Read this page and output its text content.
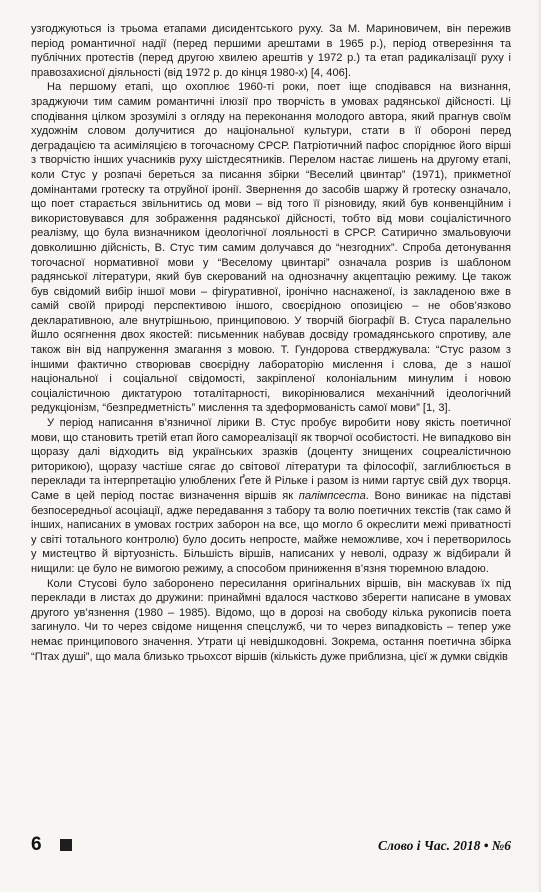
узгоджуються із трьома етапами дисидентського руху. За М. Мариновичем, він пережив період романтичної надії (перед першими арештами в 1965 р.), період отверезіння та публічних протестів (перед другою хвилею арештів у 1972 р.) та етап радикалізації руху і правозахисної діяльності (від 1972 р. до кінця 1980-х) [4, 406].

На першому етапі, що охоплює 1960-ті роки, поет іще сподівався на визнання, зраджуючи тим самим романтичні ілюзії про творчість в умовах радянської дійсності. Ці сподівання цілком зрозумілі з огляду на переконання молодого автора, який прагнув своїм художнім словом долучитися до національної культури, стати в її обороні перед деградацією та асиміляцією в тогочасному СРСР. Патріотичний пафос споріднює його вірші з творчістю інших учасників руху шістдесятників. Перелом настає лишень на другому етапі, коли Стус у розпачі береться за писання збірки “Веселий цвинтар” (1971), прикметної домінантами гротеску та отруйної іронії. Звернення до засобів шаржу й гротеску означало, що поет старається звільнитись од мови – від того її різновиду, який був конвенційним і використовувався для зображення радянської дійсності, тобто від мови соціалістичного реалізму, що була визначником ідеологічної лояльності в СРСР. Сатирично змальовуючи довколишню дійсність, В. Стус тим самим долучався до “незгодних”. Спроба детонування тогочасної нормативної мови у “Веселому цвинтарі” означала розрив із шаблоном радянської літератури, який був скерований на однозначну акцептацію режиму. Це також був свідомий вибір іншої мови – фігуративної, іронічно наснаженої, із закладеною вже в самій своїй природі перспективою іншого, своєрідною опозицією – не обов’язково декларативною, але внутрішньою, принциповою. У творчій біографії В. Стуса паралельно йшло осягнення двох якостей: письменник набував досвіду громадянського спротиву, але також він від напруження змагання з мовою. Т. Гундорова стверджувала: “Стус разом з іншими фактично створював своєрідну лабораторію мислення і слова, де з нашої національної і соціальної свідомості, закріпленої колоніальним минулим і новою соціалістичною диктатурою тоталітарності, викорінювалися механічний ідеологічний редукціонізм, “безпредметність” мислення та здеформованість самої мови” [1, 3].

У період написання в’язничної лірики В. Стус пробує виробити нову якість поетичної мови, що становить третій етап його самореалізації як творчої особистості. Не випадково він щоразу далі відходить від українських зразків (доценту знищених соцреалістичною риторикою), щоразу частіше сягає до світової літератури та філософії, заглиблюється в переклади та інтерпретацію улюблених Ґете й Рільке і разом із ними гартує свій дух творця. Саме в цей період постає визначення віршів як палімпсеста. Воно виникає на підставі безпосередньої асоціації, адже передавання з табору та волю поетичних текстів (так само й інших, написаних в умовах гострих заборон на все, що могло б окреслити межі приватності у світі тотального контролю) було досить непросте, майже неможливе, хоч і перетворилось у мистецтво й віртуозність. Більшість віршів, написаних у неволі, одразу ж відбирали й нищили: це було не вимогою режиму, а способом приниження в’язня тюремною владою.

Коли Стусові було заборонено пересилання оригінальних віршів, він маскував їх під переклади в листах до дружини: принаймні вдалося частково зберегти написане в умовах другого ув’язнення (1980 – 1985). Відомо, що в дорозі на свободу кілька рукописів поета загинуло. Чи то через свідоме нищення спецслужб, чи то через випадковість – тепер уже немає принципового значення. Утрати ці невідшкодовні. Зокрема, остання поетична збірка “Птах душі”, що мала близько трьохсот віршів (кількість дуже приблизна, цієї ж думки свідків

6	Слово і Час. 2018 • №6
